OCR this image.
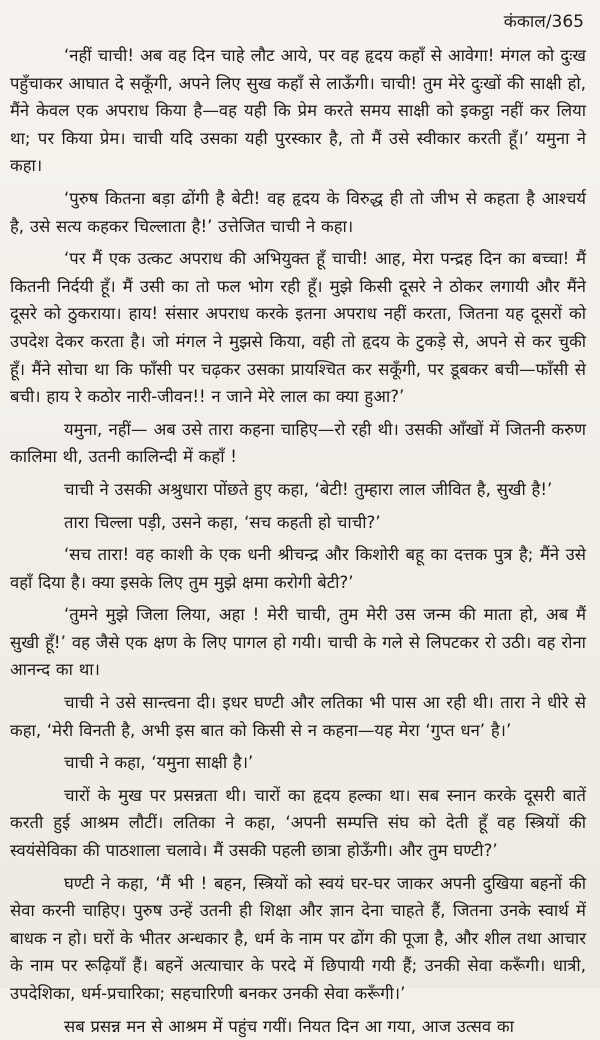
कंकाल/365

‘नहीं चाची! अब वह दिन चाहे लौट आये, पर वह हृदय कहाँ से आवेगा! मंगल को दुःख पहुँचाकर आघात दे सकूँगी, अपने लिए सुख कहाँ से लाऊँगी। चाची! तुम मेरे दुःखों की साक्षी हो, मैंने केवल एक अपराध किया है—वह यही कि प्रेम करते समय साक्षी को इकट्ठा नहीं कर लिया था; पर किया प्रेम। चाची यदि उसका यही पुरस्कार है, तो मैं उसे स्वीकार करती हूँ।’ यमुना ने कहा।

‘पुरुष कितना बड़ा ढोंगी है बेटी! वह हृदय के विरुद्ध ही तो जीभ से कहता है आश्चर्य है, उसे सत्य कहकर चिल्लाता है!’ उत्तेजित चाची ने कहा।

‘पर मैं एक उत्कट अपराध की अभियुक्त हूँ चाची! आह, मेरा पन्द्रह दिन का बच्चा! मैं कितनी निर्दयी हूँ। मैं उसी का तो फल भोग रही हूँ। मुझे किसी दूसरे ने ठोकर लगायी और मैंने दूसरे को ठुकराया। हाय! संसार अपराध करके इतना अपराध नहीं करता, जितना यह दूसरों को उपदेश देकर करता है। जो मंगल ने मुझसे किया, वही तो हृदय के टुकड़े से, अपने से कर चुकी हूँ। मैंने सोचा था कि फाँसी पर चढ़कर उसका प्रायश्चित कर सकूँगी, पर डूबकर बची—फाँसी से बची। हाय रे कठोर नारी-जीवन!! न जाने मेरे लाल का क्या हुआ?’

यमुना, नहीं— अब उसे तारा कहना चाहिए—रो रही थी। उसकी आँखों में जितनी करुण कालिमा थी, उतनी कालिन्दी में कहाँ !

चाची ने उसकी अश्रुधारा पोंछते हुए कहा, ‘बेटी! तुम्हारा लाल जीवित है, सुखी है!’

तारा चिल्ला पड़ी, उसने कहा, ‘सच कहती हो चाची?’

‘सच तारा! वह काशी के एक धनी श्रीचन्द्र और किशोरी बहू का दत्तक पुत्र है; मैंने उसे वहाँ दिया है। क्या इसके लिए तुम मुझे क्षमा करोगी बेटी?’

‘तुमने मुझे जिला लिया, अहा ! मेरी चाची, तुम मेरी उस जन्म की माता हो, अब मैं सुखी हूँ!’ वह जैसे एक क्षण के लिए पागल हो गयी। चाची के गले से लिपटकर रो उठी। वह रोना आनन्द का था।

चाची ने उसे सान्त्वना दी। इधर घण्टी और लतिका भी पास आ रही थी। तारा ने धीरे से कहा, ‘मेरी विनती है, अभी इस बात को किसी से न कहना—यह मेरा ‘गुप्त धन’ है।’

चाची ने कहा, ‘यमुना साक्षी है।’

चारों के मुख पर प्रसन्नता थी। चारों का हृदय हल्का था। सब स्नान करके दूसरी बातें करती हुई आश्रम लौटीं। लतिका ने कहा, ‘अपनी सम्पत्ति संघ को देती हूँ वह स्त्रियों की स्वयंसेविका की पाठशाला चलावे। मैं उसकी पहली छात्रा होऊँगी। और तुम घण्टी?’

घण्टी ने कहा, ‘मैं भी ! बहन, स्त्रियों को स्वयं घर-घर जाकर अपनी दुखिया बहनों की सेवा करनी चाहिए। पुरुष उन्हें उतनी ही शिक्षा और ज्ञान देना चाहते हैं, जितना उनके स्वार्थ में बाधक न हो। घरों के भीतर अन्धकार है, धर्म के नाम पर ढोंग की पूजा है, और शील तथा आचार के नाम पर रूढ़ियाँ हैं। बहनें अत्याचार के परदे में छिपायी गयी हैं; उनकी सेवा करूँगी। धात्री, उपदेशिका, धर्म-प्रचारिका; सहचारिणी बनकर उनकी सेवा करूँगी।’

सब प्रसन्न मन से आश्रम में पहुंच गयीं। नियत दिन आ गया, आज उत्सव का
